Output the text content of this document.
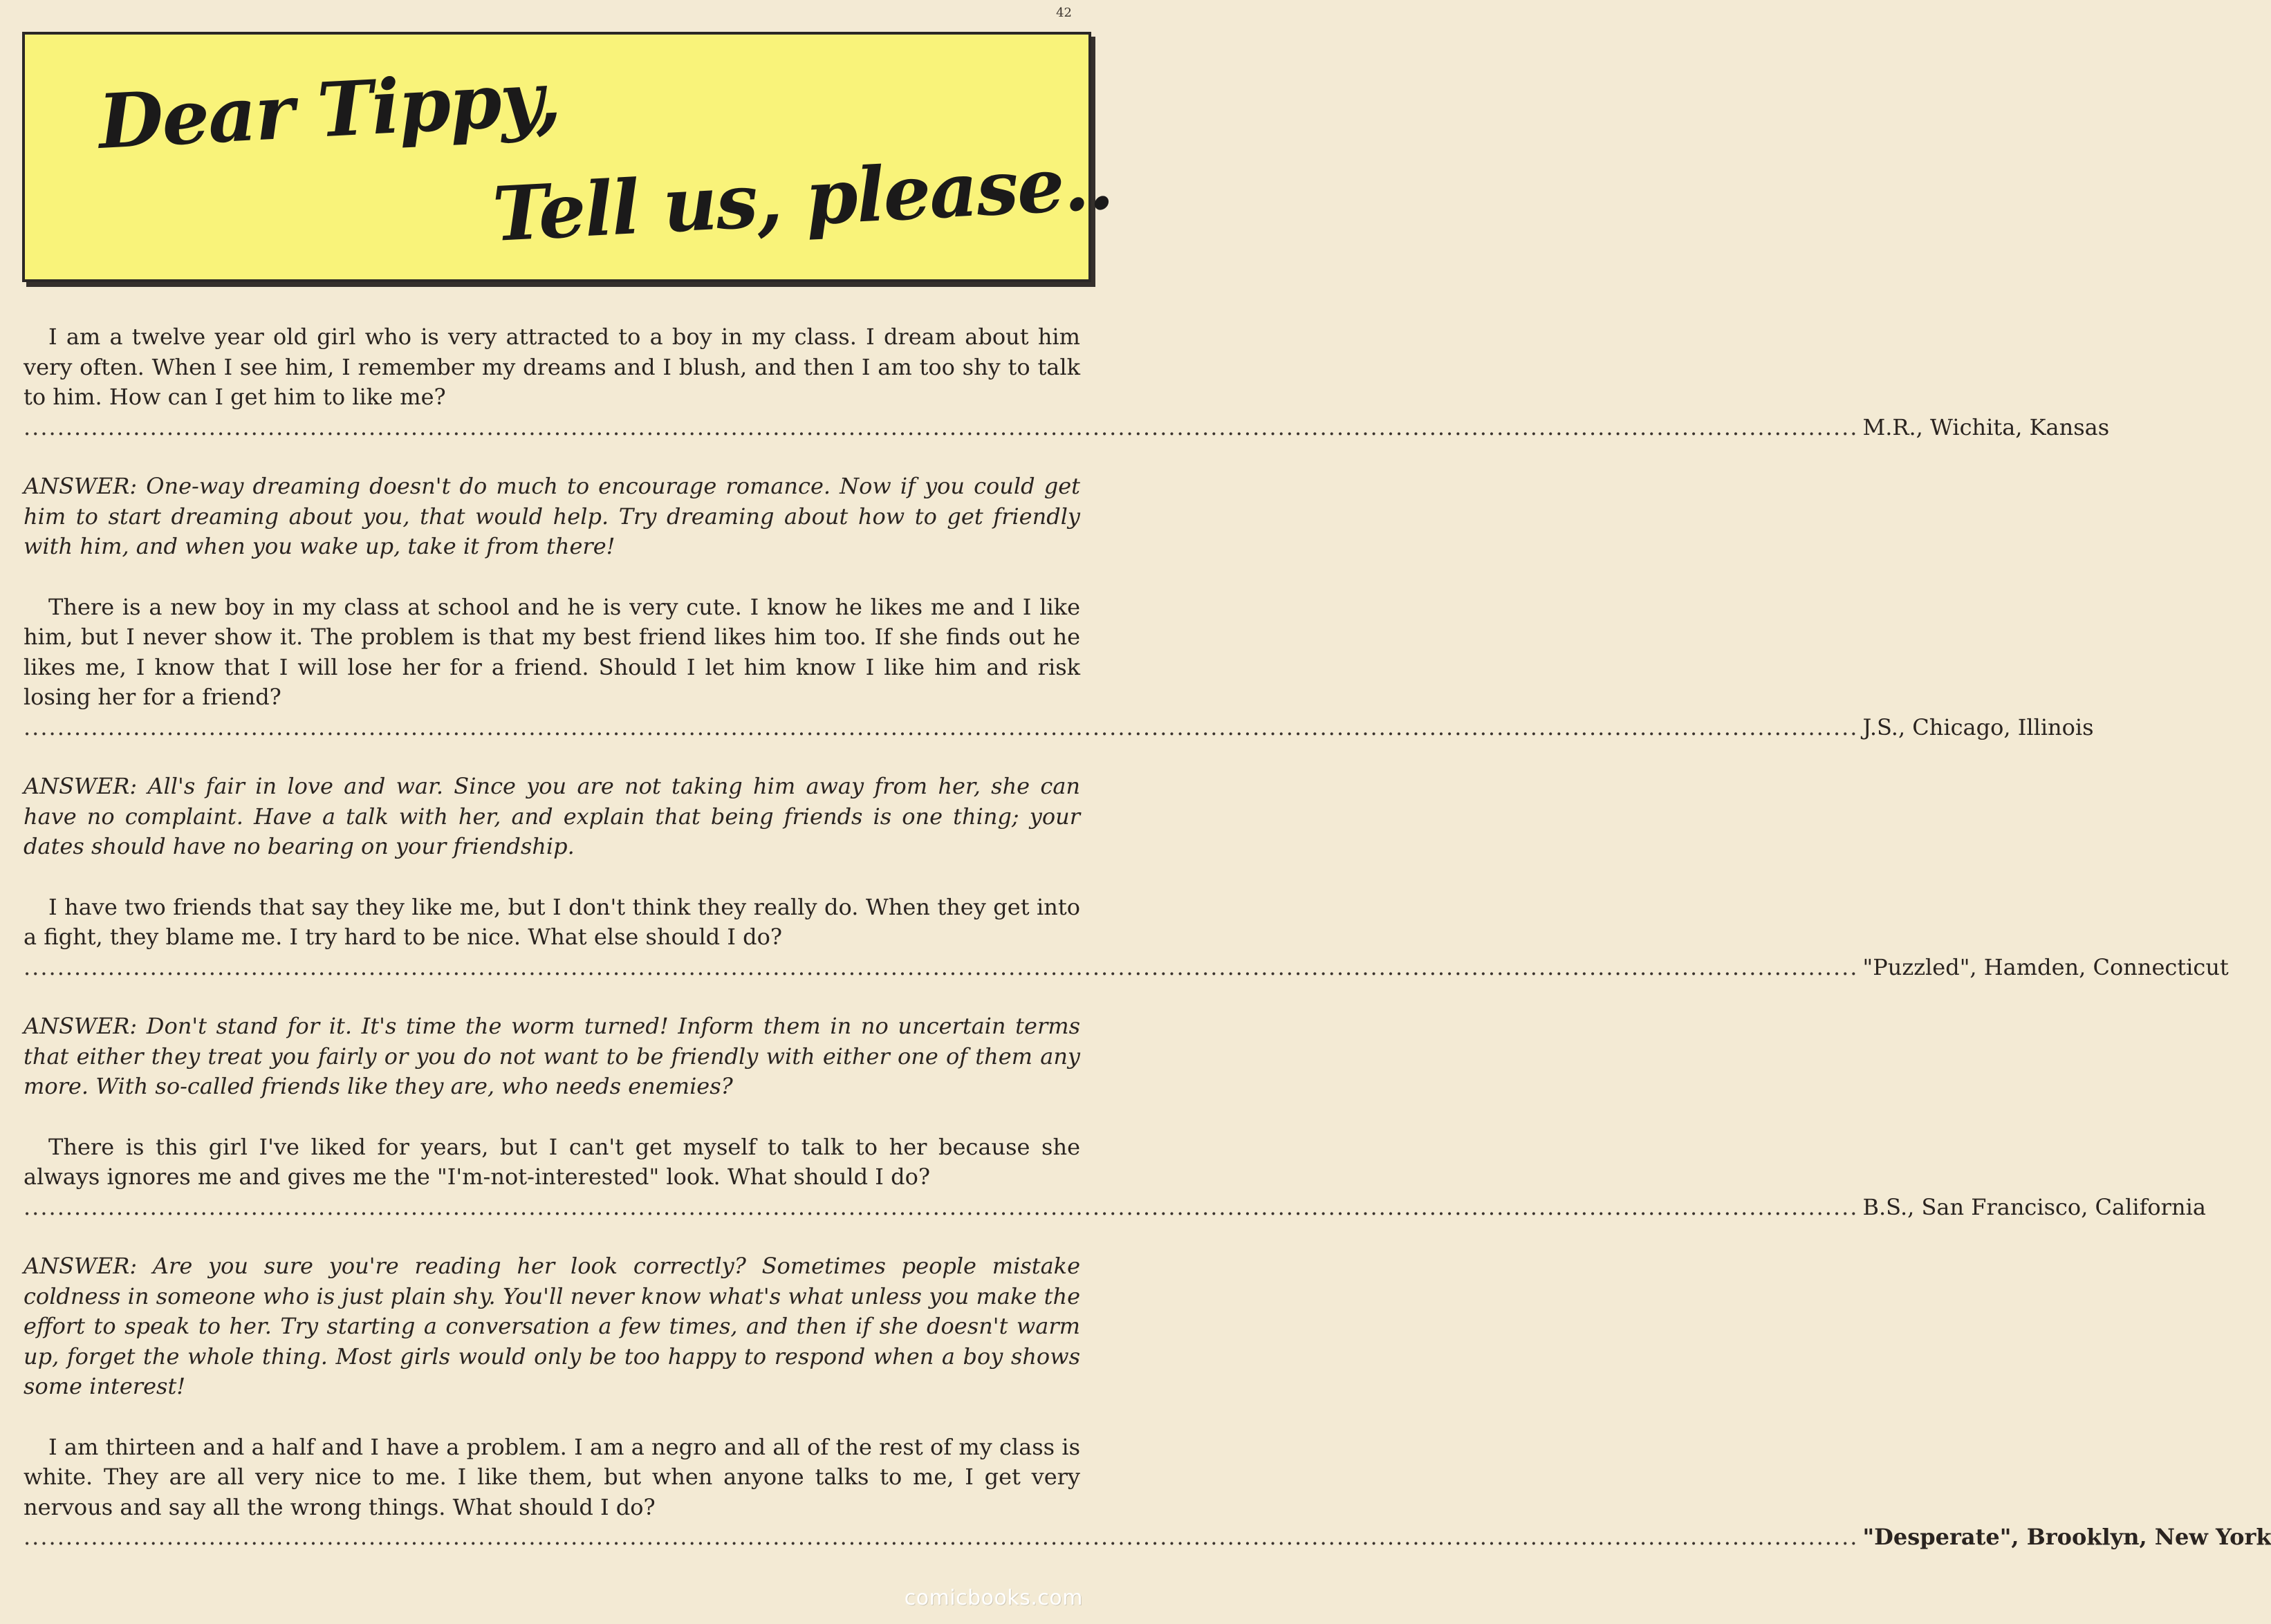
42
Dear Tippy,
Tell us, please..

I am a twelve year old girl who is very attracted to a boy in my class. I dream about him very often. When I see him, I remember my dreams and I blush, and then I am too shy to talk to him. How can I get him to like me?

.......................................................................................................................................................................................................................... M.R., Wichita, Kansas

ANSWER: One-way dreaming doesn't do much to encourage romance. Now if you could get him to start dreaming about you, that would help. Try dreaming about how to get friendly with him, and when you wake up, take it from there!

There is a new boy in my class at school and he is very cute. I know he likes me and I like him, but I never show it. The problem is that my best friend likes him too. If she finds out he likes me, I know that I will lose her for a friend. Should I let him know I like him and risk losing her for a friend?

.......................................................................................................................................................................................................................... J.S., Chicago, Illinois

ANSWER: All's fair in love and war. Since you are not taking him away from her, she can have no complaint. Have a talk with her, and explain that being friends is one thing; your dates should have no bearing on your friendship.

I have two friends that say they like me, but I don't think they really do. When they get into a fight, they blame me. I try hard to be nice. What else should I do?

.......................................................................................................................................................................................................................... "Puzzled", Hamden, Connecticut

ANSWER: Don't stand for it. It's time the worm turned! Inform them in no uncertain terms that either they treat you fairly or you do not want to be friendly with either one of them any more. With so-called friends like they are, who needs enemies?

There is this girl I've liked for years, but I can't get myself to talk to her because she always ignores me and gives me the "I'm-not-interested" look. What should I do?

.......................................................................................................................................................................................................................... B.S., San Francisco, California

ANSWER: Are you sure you're reading her look correctly? Sometimes people mistake coldness in someone who is just plain shy. You'll never know what's what unless you make the effort to speak to her. Try starting a conversation a few times, and then if she doesn't warm up, forget the whole thing. Most girls would only be too happy to respond when a boy shows some interest!

I am thirteen and a half and I have a problem. I am a negro and all of the rest of my class is white. They are all very nice to me. I like them, but when anyone talks to me, I get very nervous and say all the wrong things. What should I do?

.......................................................................................................................................................................................................................... "Desperate", Brooklyn, New York
comicbooks.com
